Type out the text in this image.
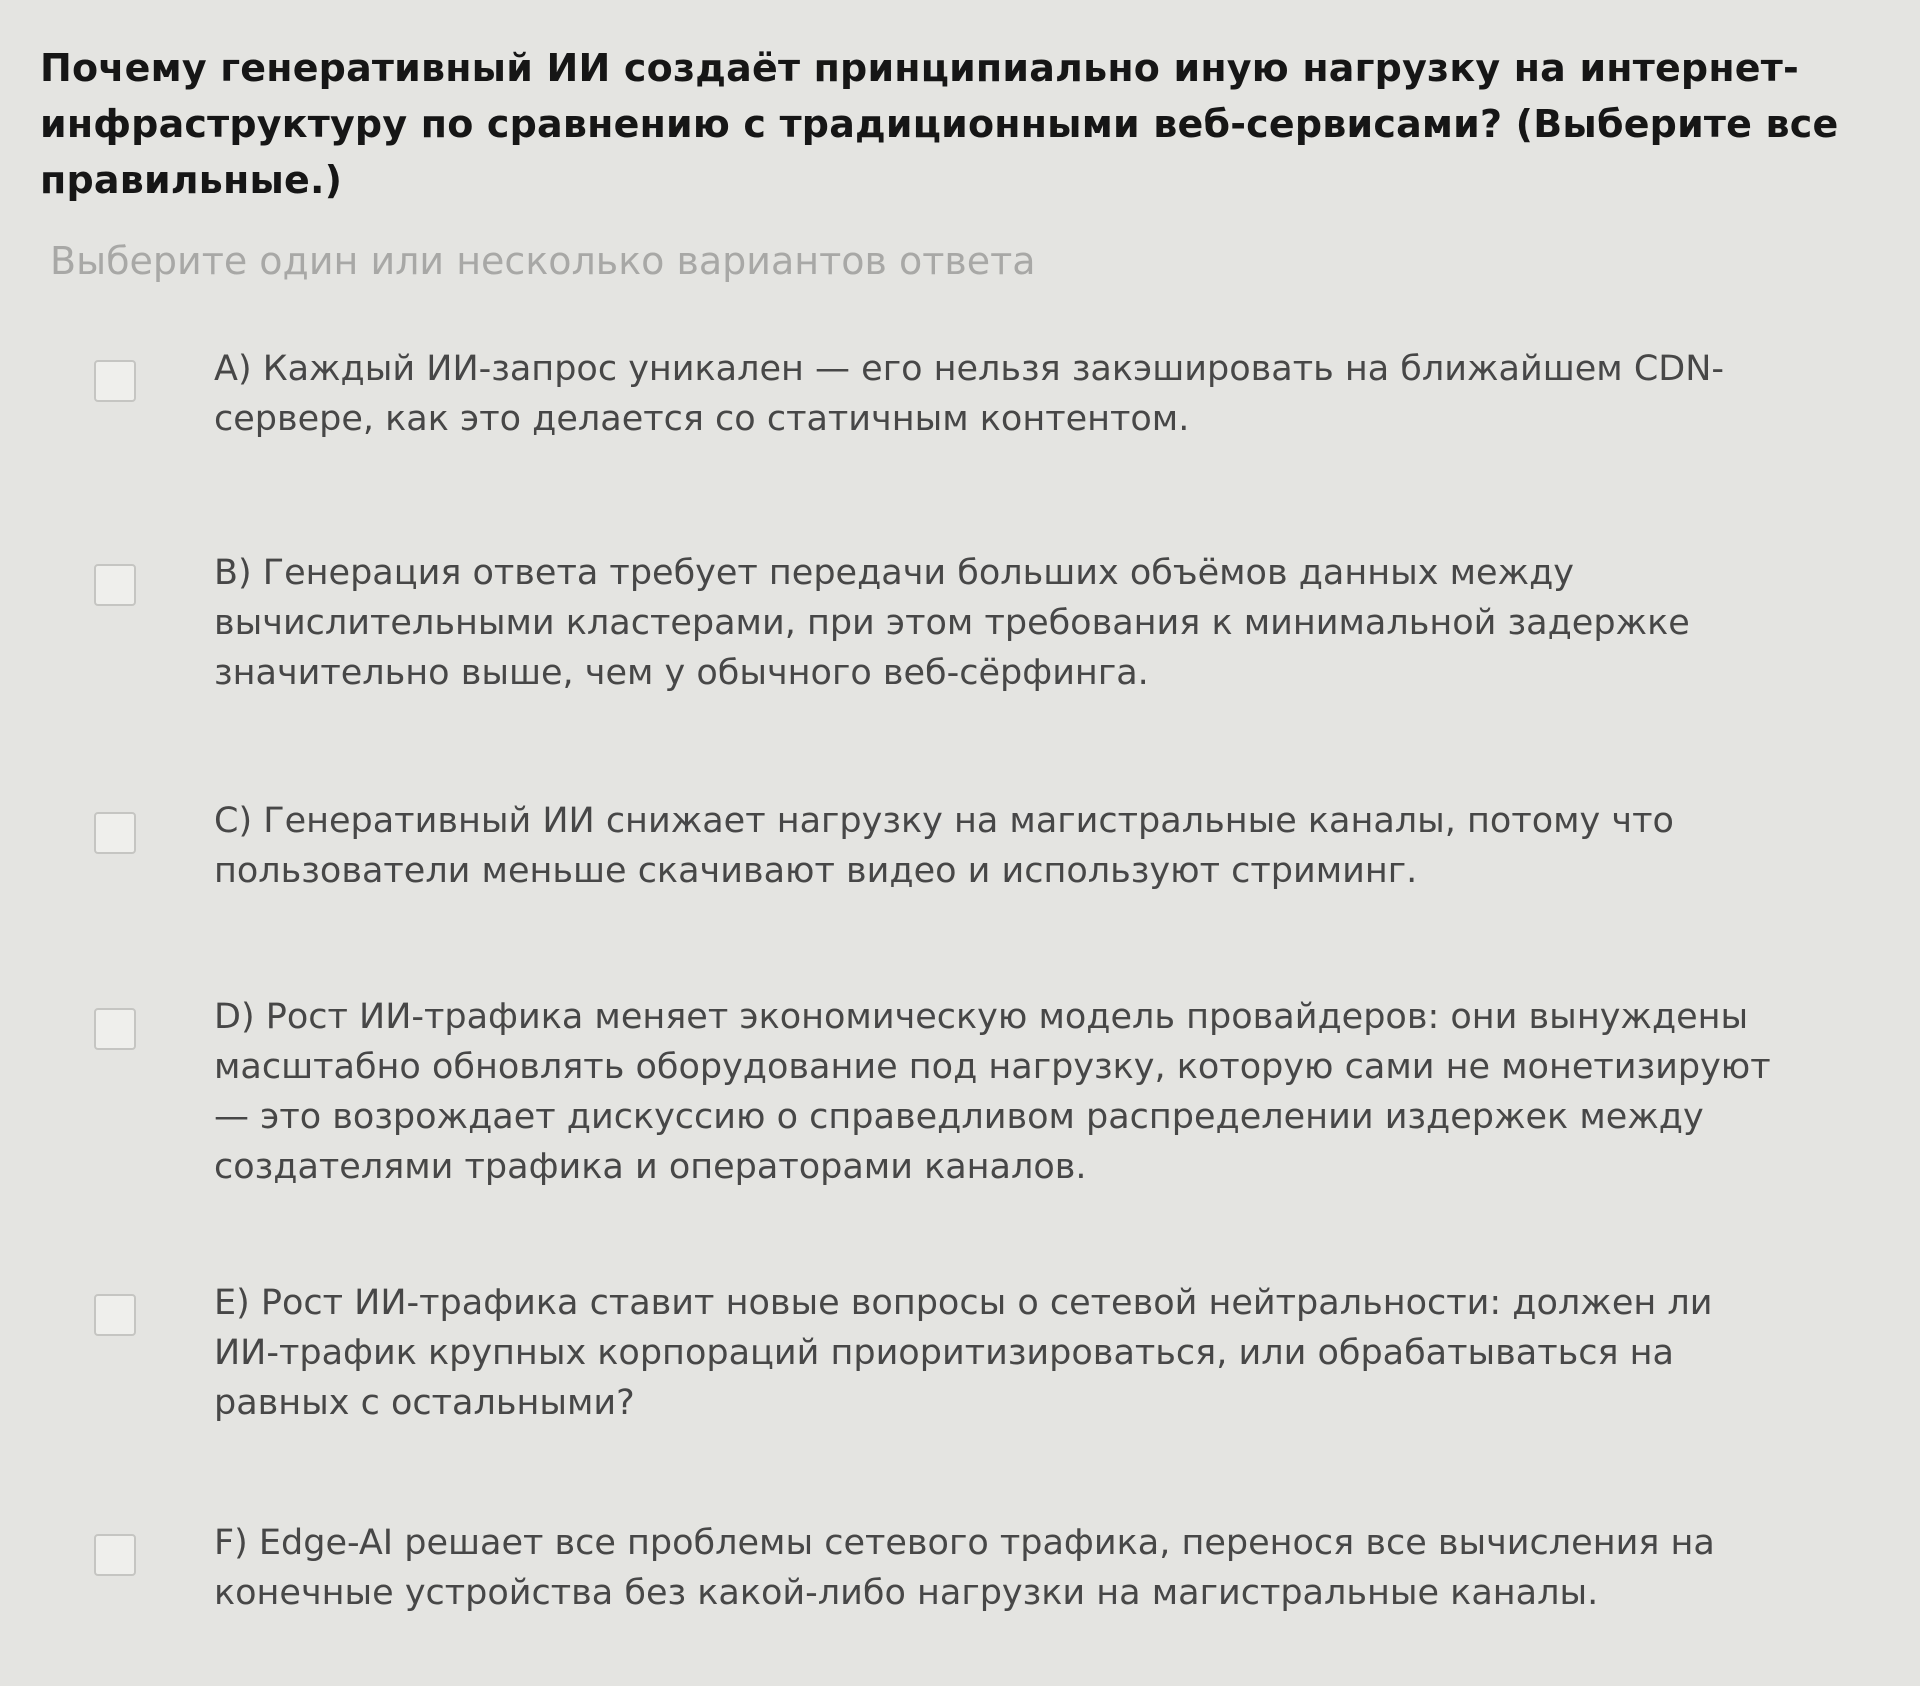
Почему генеративный ИИ создаёт принципиально иную нагрузку на интернет-инфраструктуру по сравнению с традиционными веб-сервисами? (Выберите все правильные.)
Выберите один или несколько вариантов ответа
A) Каждый ИИ-запрос уникален — его нельзя закэшировать на ближайшем CDN-сервере, как это делается со статичным контентом.
B) Генерация ответа требует передачи больших объёмов данных между вычислительными кластерами, при этом требования к минимальной задержке значительно выше, чем у обычного веб-сёрфинга.
C) Генеративный ИИ снижает нагрузку на магистральные каналы, потому что пользователи меньше скачивают видео и используют стриминг.
D) Рост ИИ-трафика меняет экономическую модель провайдеров: они вынуждены масштабно обновлять оборудование под нагрузку, которую сами не монетизируют — это возрождает дискуссию о справедливом распределении издержек между создателями трафика и операторами каналов.
E) Рост ИИ-трафика ставит новые вопросы о сетевой нейтральности: должен ли ИИ-трафик крупных корпораций приоритизироваться, или обрабатываться на равных с остальными?
F) Edge-AI решает все проблемы сетевого трафика, перенося все вычисления на конечные устройства без какой-либо нагрузки на магистральные каналы.
